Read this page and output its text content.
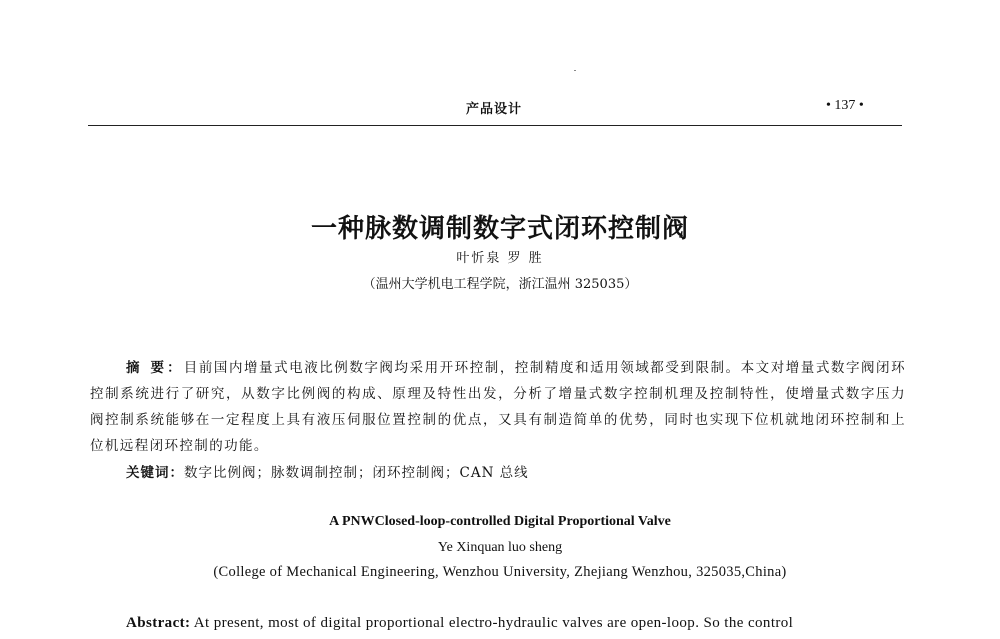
产品设计	• 137 •
一种脉数调制数字式闭环控制阀
叶忻泉 罗 胜
（温州大学机电工程学院，浙江温州 325035）
摘 要：目前国内增量式电液比例数字阀均采用开环控制，控制精度和适用领域都受到限制。本文对增量式数字阀闭环控制系统进行了研究，从数字比例阀的构成、原理及特性出发，分析了增量式数字控制机理及控制特性，使增量式数字压力阀控制系统能够在一定程度上具有液压伺服位置控制的优点，又具有制造简单的优势，同时也实现下位机就地闭环控制和上位机远程闭环控制的功能。
关键词：数字比例阀；脉数调制控制；闭环控制阀；CAN 总线
A PNWClosed-loop-controlled Digital Proportional Valve
Ye Xinquan luo sheng
(College of Mechanical Engineering, Wenzhou University, Zhejiang Wenzhou, 325035,China)
Abstract: At present, most of digital proportional electro-hydraulic valves are open-loop. So the control
